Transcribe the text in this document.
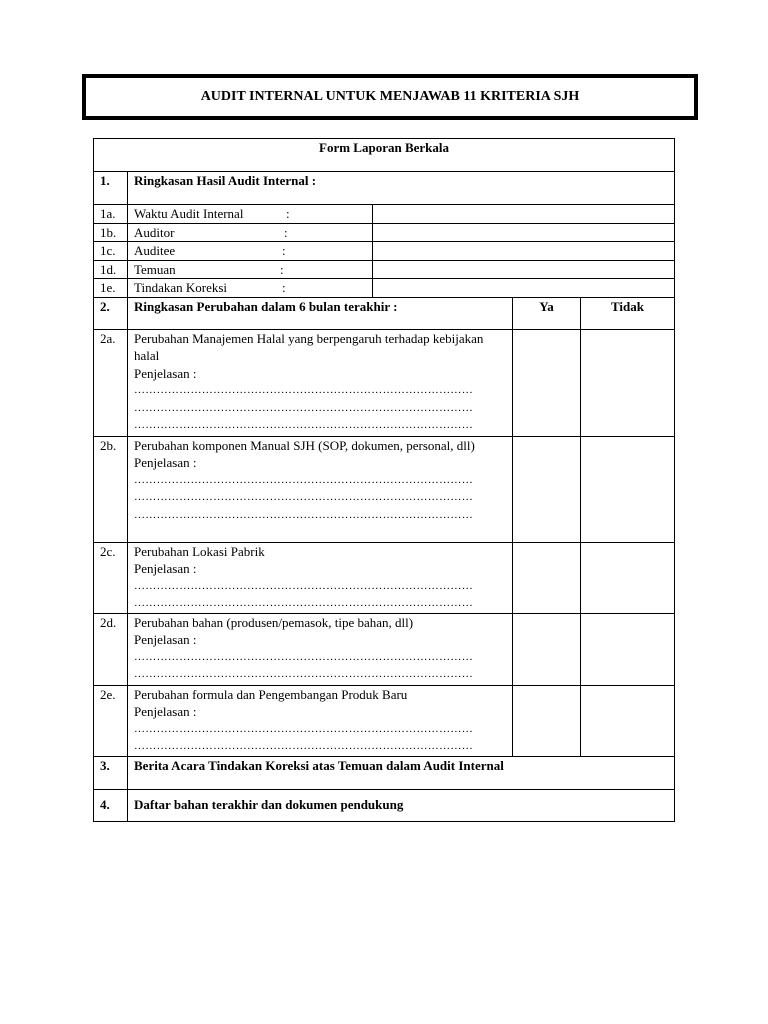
AUDIT INTERNAL UNTUK MENJAWAB 11 KRITERIA SJH
Form Laporan Berkala				
1.	Ringkasan Hasil Audit Internal :			
1a.	Waktu Audit Internal :			

1b.	Auditor :			

1c.	Auditee :			

1d.	Temuan :			

1e.	Tindakan Koreksi :			

2.	Ringkasan Perubahan dalam 6 bulan terakhir :		Ya	Tidak
2a.	Perubahan Manajemen Halal yang berpengaruh terhadap kebijakan halal
Penjelasan :
………………………………………………………………………………
………………………………………………………………………………
………………………………………………………………………………			

2b.	Perubahan komponen Manual SJH (SOP, dokumen, personal, dll)
Penjelasan :
………………………………………………………………………………
………………………………………………………………………………
………………………………………………………………………………			

2c.	Perubahan Lokasi Pabrik
Penjelasan :
………………………………………………………………………………
………………………………………………………………………………			

2d.	Perubahan bahan (produsen/pemasok, tipe bahan, dll)
Penjelasan :
………………………………………………………………………………
………………………………………………………………………………			

2e.	Perubahan formula dan Pengembangan Produk Baru
Penjelasan :
………………………………………………………………………………
………………………………………………………………………………			

3.	Berita Acara Tindakan Koreksi atas Temuan dalam Audit Internal			
4.	Daftar bahan terakhir dan dokumen pendukung			
